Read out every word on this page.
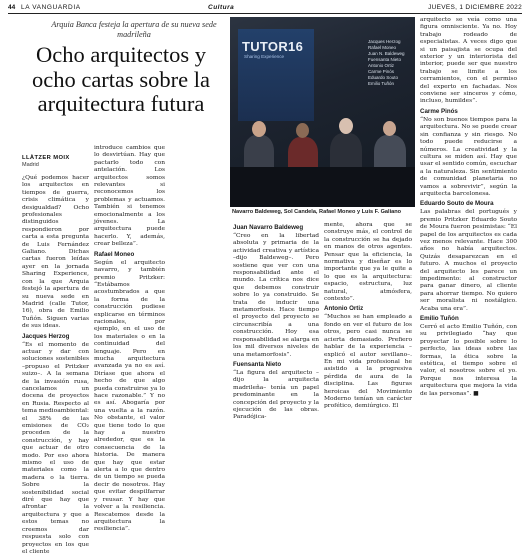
44 LA VANGUARDIA	Cultura	JUEVES, 1 DICIEMBRE 2022
Arquia Banca festeja la apertura de su nueva sede madrileña
Ocho arquitectos y ocho cartas sobre la arquitectura futura
LLÀTZER MOIX
Madrid
TUTOR16
Sharing Experience
Jacques Herzog
Rafael Moneo
Juan N. Baldeweg
Fuensanta Nieto
Antonio Ortiz
Carme Pinós
Eduardo Souto
Emilio Tuñón
Navarro Baldeweg, Sol Candela, Rafael Moneo y Luis F. Galiano

¿Qué podemos hacer los arquitectos en tiempos de guerra, crisis climática y desigualdad? Ocho profesionales distinguidos respondieron por carta a esta pregunta de Luis Fernández Galiano. Dichas cartas fueron leídas ayer en la jornada Sharing Experience, con la que Arquia festejó la apertura de su nueva sede en Madrid (calle Tutor, 16), obra de Emilio Tuñón. Siguen varias de sus ideas.

Jacques Herzog

“Es el momento de actuar y dar con soluciones sostenibles –propuso el Pritzker suizo–. A la semana de la invasión rusa, cancelamos un docena de proyectos en Rusia. Respecto al tema medioambiental: el 38% de las emisiones de CO₂ proceden de la construcción, y hay que actuar de otro modo. Por eso ahora mismo el uso de materiales como la madera o la tierra. Sobre la sostenibilidad social diré que hay que afrontar la arquitectura y que a estos temas no creemos dar respuesta solo con proyectos en los que el cliente

introduce cambios que lo desvirtúan. Hay que pactarlo todo con antelación. Los arquitectos somos relevantes si reconocemos los problemas y actuamos. También si tenemos emocionalmente a los jóvenes. La arquitectura puede hacerlo. Y, además, crear belleza”.

Rafael Moneo

Según el arquitecto navarro, y también premio Pritzker: “Estábamos acostumbrados a que la forma de la construcción pudiese explicarse en términos racionales, por ejemplo, en el uso de los materiales o en la continuidad del lenguaje. Pero en mucha arquitectura avanzada ya no es así. Diríase que ahora el hecho de que algo pueda construirse ya lo hace razonable.” Y no es así. Abogaría por una vuelta a la razón. No obstante, el valor que tiene todo lo que hay a nuestro alrededor, que es la consecuencia de la historia. De manera que hay que estar alerta a lo que dentro de un tiempo se pueda decir de nosotros. Hay que evitar despilfarrar y reusar. Y hay que volver a la resiliencia. Rescatemos desde la arquitectura la resiliencia”.

Juan Navarro Baldeweg

“Creo en la libertad absoluta y primaria de la actividad creativa y artística –dijo Baldeweg–. Pero sostiene que ver con una responsabilidad ante el mundo. La crítica nos dice que debemos construir sobre lo ya construido. Se trata de inducir una metamorfosis. Hace tiempo el proyecto del proyecto se circunscribía a una construcción. Hoy esa responsabilidad se alarga en los mil diversos niveles de una metamorfosis”.

Fuensanta Nieto

“La figura del arquitecto –dijo la arquitecta madrileña– tenía un papel predominante en la concepción del proyecto y la ejecución de las obras. Paradójica-

mente, ahora que se construye más, el control de la construcción se ha dejado en manos de otros agentes. Pensar que la eficiencia, la normativa y diseñar es lo importante que ya le quite a lo que es la arquitectura: espacio, estructura, luz natural, atmósfera, contexto”.

Antonio Ortiz

“Muchos se han empleado a fondo en ver el futuro de los otros, pero casi nunca se acierta demasiado. Prefiero hablar de la experiencia –explicó el autor sevillano–. En mi vida profesional he asistido a la progresiva pérdida de aura de la disciplina. Las figuras heroicas del Movimiento Moderno tenían un carácter profético, demiúrgico. El

arquitecto se veía como una figura omnisciente. Ya no. Hoy trabajo rodeado de especialistas. A veces digo que si un paisajista se ocupa del exterior y un interiorista del interior, puede ser que nuestro trabajo se limite a los cerramientos, con el permiso del experto en fachadas. Nos conviene ser sinceros y cómo, incluso, humildes”.

Carme Pinós

“No son buenos tiempos para la arquitectura. No se puede crear sin confianza y sin riesgo. No todo puede reducirse a números. La creatividad y la cultura se miden así. Hay que usar el sentido común, escuchar a la naturaleza. Sin sentimiento de comunidad planetaria no vamos a sobrevivir”, según la arquitecta barcelonesa.

Eduardo Souto de Moura

Las palabras del portugués y premio Pritzker Eduardo Souto de Moura fueron pesimistas: “El papel de los arquitectos es cada vez menos relevante. Hace 300 años no había arquitectos. Quizás desaparezcan en el futuro. A muchos el proyecto del arquitecto les parece un impedimento: al constructor para ganar dinero, al cliente para ahorrar tiempo. No quiero ser moralista ni nostálgico. Acaba una era”.

Emilio Tuñón

Cerró el acto Emilio Tuñón, con su privilegiado “hay que proyectar lo posible sobre lo perfecto, las ideas sobre las formas, la ética sobre la estética, el tiempo sobre el valor, el nosotros sobre el yo. Porque nos interesa la arquitectura que mejora la vida de las personas”. ■
